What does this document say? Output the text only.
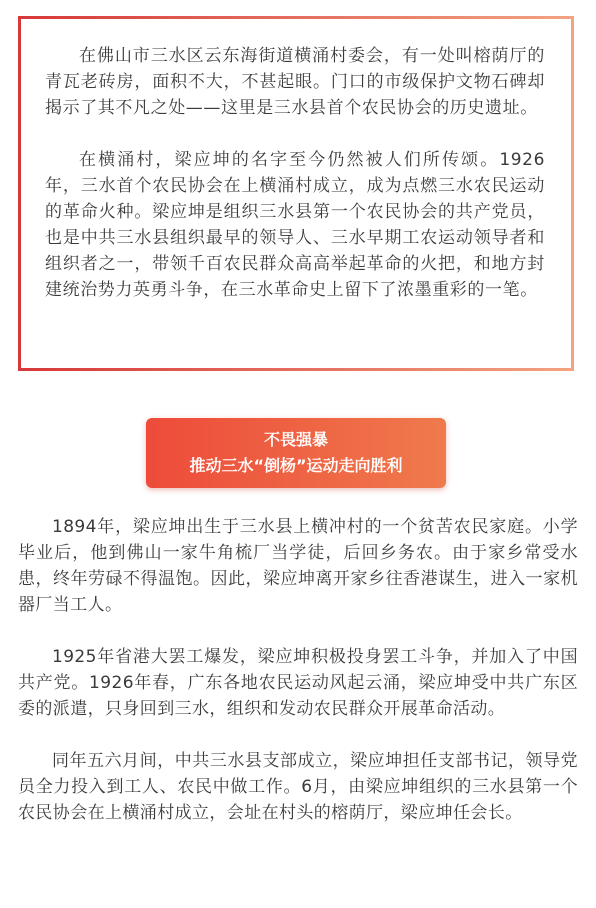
在佛山市三水区云东海街道横涌村委会，有一处叫榕荫厅的青瓦老砖房，面积不大，不甚起眼。门口的市级保护文物石碑却揭示了其不凡之处——这里是三水县首个农民协会的历史遗址。

在横涌村，梁应坤的名字至今仍然被人们所传颂。1926年，三水首个农民协会在上横涌村成立，成为点燃三水农民运动的革命火种。梁应坤是组织三水县第一个农民协会的共产党员，也是中共三水县组织最早的领导人、三水早期工农运动领导者和组织者之一，带领千百农民群众高高举起革命的火把，和地方封建统治势力英勇斗争，在三水革命史上留下了浓墨重彩的一笔。

不畏强暴
推动三水“倒杨”运动走向胜利

1894年，梁应坤出生于三水县上横冲村的一个贫苦农民家庭。小学毕业后，他到佛山一家牛角梳厂当学徒，后回乡务农。由于家乡常受水患，终年劳碌不得温饱。因此，梁应坤离开家乡往香港谋生，进入一家机器厂当工人。

1925年省港大罢工爆发，梁应坤积极投身罢工斗争，并加入了中国共产党。1926年春，广东各地农民运动风起云涌，梁应坤受中共广东区委的派遣，只身回到三水，组织和发动农民群众开展革命活动。

同年五六月间，中共三水县支部成立，梁应坤担任支部书记，领导党员全力投入到工人、农民中做工作。6月，由梁应坤组织的三水县第一个农民协会在上横涌村成立，会址在村头的榕荫厅，梁应坤任会长。
